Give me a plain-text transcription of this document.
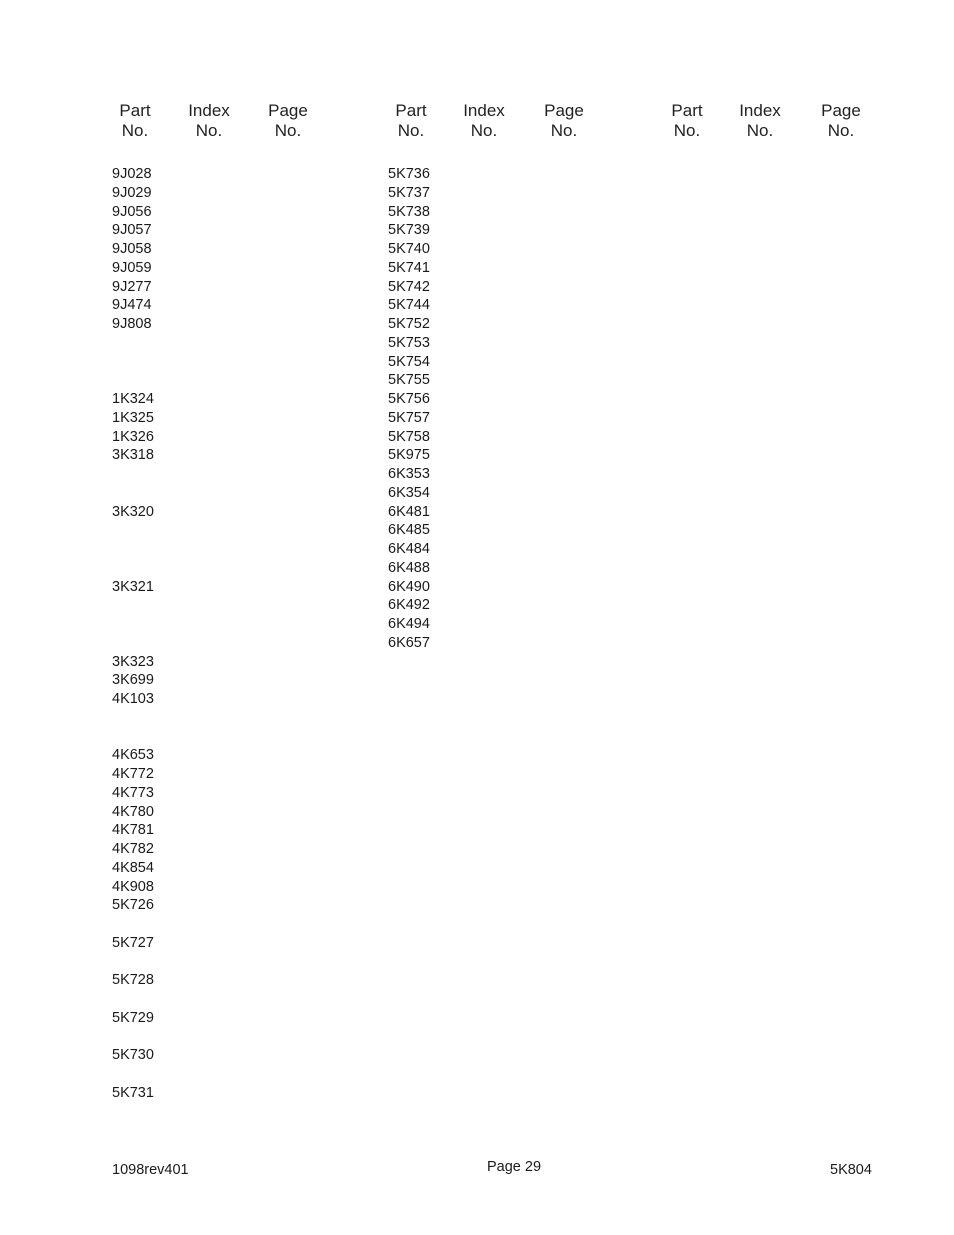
Part
No.
Index
No.
Page
No.
Part
No.
Index
No.
Page
No.
Part
No.
Index
No.
Page
No.
9J028
9J029
9J056
9J057
9J058
9J059
9J277
9J474
9J808
1K324
1K325
1K326
3K318
3K320
3K321
3K323
3K699
4K103
4K653
4K772
4K773
4K780
4K781
4K782
4K854
4K908
5K726
5K727
5K728
5K729
5K730
5K731
5K736
5K737
5K738
5K739
5K740
5K741
5K742
5K744
5K752
5K753
5K754
5K755
5K756
5K757
5K758
5K975
6K353
6K354
6K481
6K485
6K484
6K488
6K490
6K492
6K494
6K657
1098rev401	Page 29	5K804
